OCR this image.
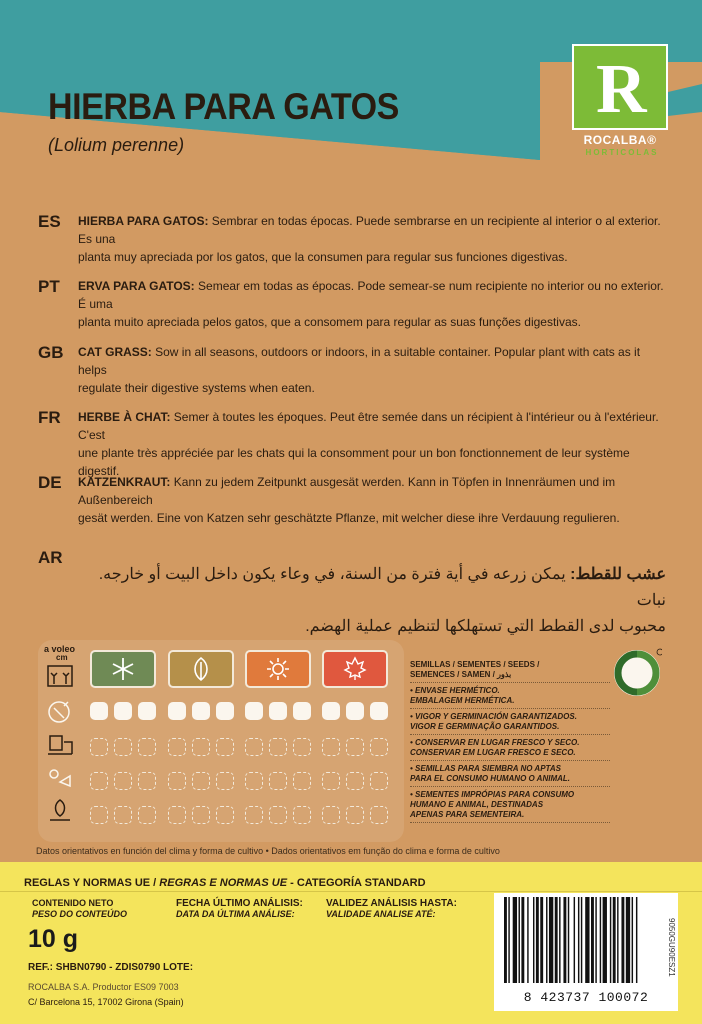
HIERBA PARA GATOS
(Lolium perenne)
R
ROCALBA®
HORTICOLAS
ES HIERBA PARA GATOS: Sembrar en todas épocas. Puede sembrarse en un recipiente al interior o al exterior. Es una
planta muy apreciada por los gatos, que la consumen para regular sus funciones digestivas.
PT ERVA PARA GATOS: Semear em todas as épocas. Pode semear-se num recipiente no interior ou no exterior. É uma
planta muito apreciada pelos gatos, que a consomem para regular as suas funções digestivas.
GB CAT GRASS: Sow in all seasons, outdoors or indoors, in a suitable container. Popular plant with cats as it helps
regulate their digestive systems when eaten.
FR HERBE À CHAT: Semer à toutes les époques. Peut être semée dans un récipient à l'intérieur ou à l'extérieur. C'est
une plante très appréciée par les chats qui la consomment pour un bon fonctionnement de leur système digestif.
DE KATZENKRAUT: Kann zu jedem Zeitpunkt ausgesät werden. Kann in Töpfen in Innenräumen und im Außenbereich
gesät werden. Eine von Katzen sehr geschätzte Pflanze, mit welcher diese ihre Verdauung regulieren.
AR
عشب للقطط: يمكن زرعه في أية فترة من السنة، في وعاء يكون داخل البيت أو خارجه. نبات
محبوب لدى القطط التي تستهلكها لتنظيم عملية الهضم.
a voleo
cm
SEMILLAS / SEMENTES / SEEDS /
SEMENCES / SAMEN / بذور
• ENVASE HERMÉTICO.
EMBALAGEM HERMÉTICA.
• VIGOR Y GERMINACIÓN GARANTIZADOS.
VIGOR E GERMINAÇÃO GARANTIDOS.
• CONSERVAR EN LUGAR FRESCO Y SECO.
CONSERVAR EM LUGAR FRESCO E SECO.
• SEMILLAS PARA SIEMBRA NO APTAS
PARA EL CONSUMO HUMANO O ANIMAL.
• SEMENTES IMPRÓPIAS PARA CONSUMO
HUMANO E ANIMAL, DESTINADAS
APENAS PARA SEMENTEIRA.
Datos orientativos en función del clima y forma de cultivo • Dados orientativos em função do clima e forma de cultivo
REGLAS Y NORMAS UE / REGRAS E NORMAS UE - CATEGORÍA STANDARD
CONTENIDO NETO
PESO DO CONTEÚDO
FECHA ÚLTIMO ANÁLISIS:
DATA DA ÚLTIMA ANÁLISE:
VALIDEZ ANÁLISIS HASTA:
VALIDADE ANALISE ATÉ:
10 g
REF.: SHBN0790 - ZDIS0790 LOTE:
ROCALBA S.A. Productor ES09 7003
C/ Barcelona 15, 17002 Girona (Spain)	8 423737 100072
9050GU90ESZ1
